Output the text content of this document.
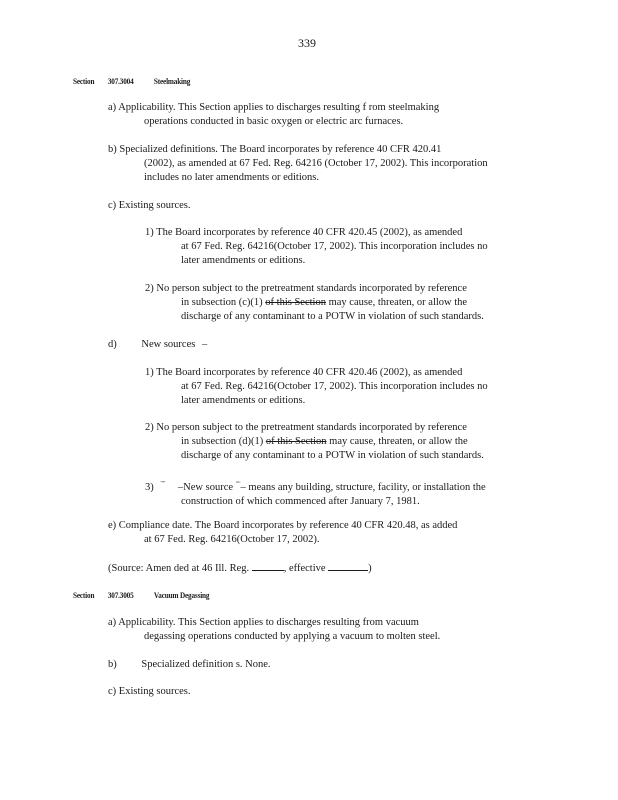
339
Section 307.3004 Steelmaking
a) Applicability. This Section applies to discharges resulting f rom steelmaking
operations conducted in basic oxygen or electric arc furnaces.
b) Specialized definitions. The Board incorporates by reference 40 CFR 420.41
(2002), as amended at 67 Fed. Reg. 64216 (October 17, 2002). This incorporation
includes no later amendments or editions.
c) Existing sources.
1) The Board incorporates by reference 40 CFR 420.45 (2002), as amended
at 67 Fed. Reg. 64216(October 17, 2002). This incorporation includes no
later amendments or editions.
2) No person subject to the pretreatment standards incorporated by reference
in subsection (c)(1) of this Section may cause, threaten, or allow the
discharge of any contaminant to a POTW in violation of such standards.
d) New sources –
1) The Board incorporates by reference 40 CFR 420.46 (2002), as amended
at 67 Fed. Reg. 64216(October 17, 2002). This incorporation includes no
later amendments or editions.
2) No person subject to the pretreatment standards incorporated by reference
in subsection (d)(1) of this Section may cause, threaten, or allow the
discharge of any contaminant to a POTW in violation of such standards.
3) "" –New source ""– means any building, structure, facility, or installation the
construction of which commenced after January 7, 1981.
e) Compliance date. The Board incorporates by reference 40 CFR 420.48, as added
at 67 Fed. Reg. 64216(October 17, 2002).
(Source: Amen ded at 46 Ill. Reg.	, effective	)
Section 307.3005 Vacuum Degassing
a) Applicability. This Section applies to discharges resulting from vacuum
degassing operations conducted by applying a vacuum to molten steel.
b) Specialized definition s. None.
c) Existing sources.
